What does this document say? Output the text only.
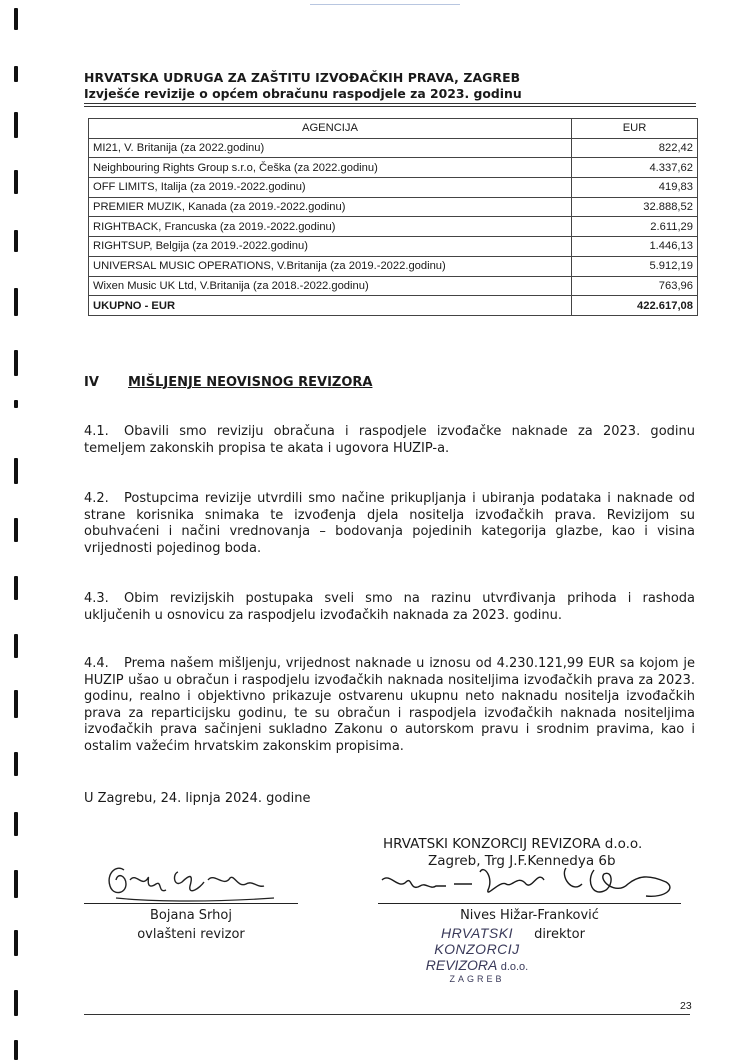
HRVATSKA UDRUGA ZA ZAŠTITU IZVOĐAČKIH PRAVA, ZAGREB
Izvješće revizije o općem obračunu raspodjele za 2023. godinu
AGENCIJA	EUR
MI21, V. Britanija (za 2022.godinu)	822,42
Neighbouring Rights Group s.r.o, Češka (za 2022.godinu)	4.337,62
OFF LIMITS, Italija (za 2019.-2022.godinu)	419,83
PREMIER MUZIK, Kanada (za 2019.-2022.godinu)	32.888,52
RIGHTBACK, Francuska (za 2019.-2022.godinu)	2.611,29
RIGHTSUP, Belgija (za 2019.-2022.godinu)	1.446,13
UNIVERSAL MUSIC OPERATIONS, V.Britanija (za 2019.-2022.godinu)	5.912,19
Wixen Music UK Ltd, V.Britanija (za 2018.-2022.godinu)	763,96
UKUPNO - EUR	422.617,08
IV MIŠLJENJE NEOVISNOG REVIZORA
4.1. Obavili smo reviziju obračuna i raspodjele izvođačke naknade za 2023. godinu temeljem zakonskih propisa te akata i ugovora HUZIP-a.
4.2. Postupcima revizije utvrdili smo načine prikupljanja i ubiranja podataka i naknade od strane korisnika snimaka te izvođenja djela nositelja izvođačkih prava. Revizijom su obuhvaćeni i načini vrednovanja – bodovanja pojedinih kategorija glazbe, kao i visina vrijednosti pojedinog boda.
4.3. Obim revizijskih postupaka sveli smo na razinu utvrđivanja prihoda i rashoda uključenih u osnovicu za raspodjelu izvođačkih naknada za 2023. godinu.
4.4. Prema našem mišljenju, vrijednost naknade u iznosu od 4.230.121,99 EUR sa kojom je HUZIP ušao u obračun i raspodjelu izvođačkih naknada nositeljima izvođačkih prava za 2023. godinu, realno i objektivno prikazuje ostvarenu ukupnu neto naknadu nositelja izvođačkih prava za reparticijsku godinu, te su obračun i raspodjela izvođačkih naknada nositeljima izvođačkih prava sačinjeni sukladno Zakonu o autorskom pravu i srodnim pravima, kao i ostalim važećim hrvatskim zakonskim propisima.
U Zagrebu, 24. lipnja 2024. godine
HRVATSKI KONZORCIJ REVIZORA d.o.o.
Zagreb, Trg J.F.Kennedya 6b
Bojana Srhoj
ovlašteni revizor
Nives Hižar-Franković
direktor
HRVATSKI KONZORCIJ
REVIZORA d.o.o.
ZAGREB
23
